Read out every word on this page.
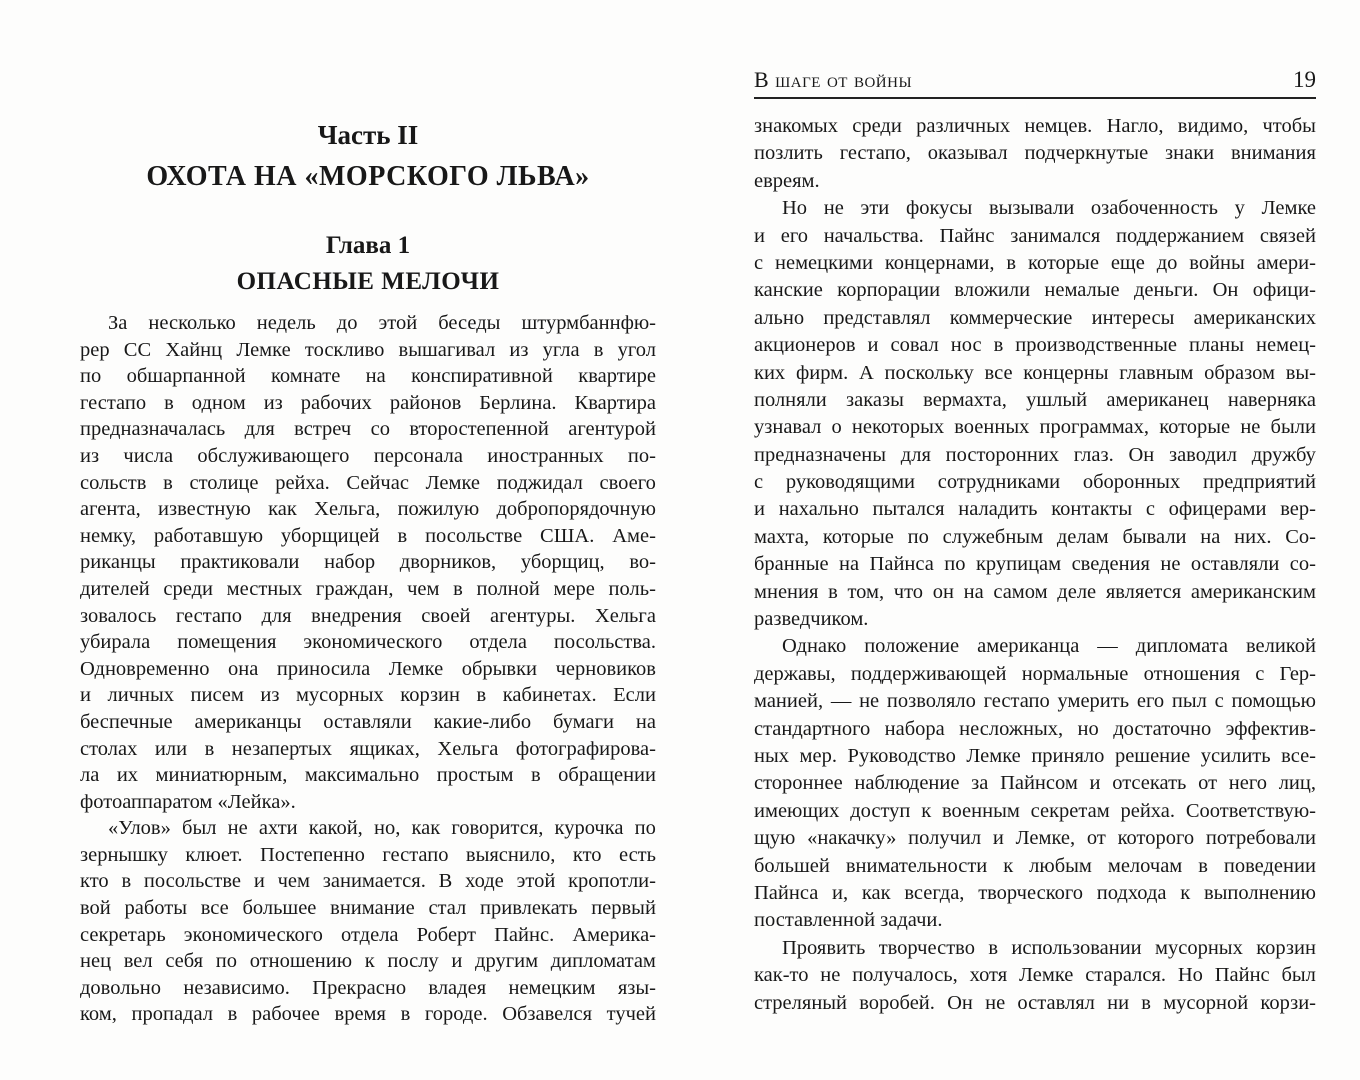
Часть II
ОХОТА НА «МОРСКОГО ЛЬВА»
Глава 1
ОПАСНЫЕ МЕЛОЧИ
За несколько недель до этой беседы штурмбаннфю-
рер СС Хайнц Лемке тоскливо вышагивал из угла в угол
по обшарпанной комнате на конспиративной квартире
гестапо в одном из рабочих районов Берлина. Квартира
предназначалась для встреч со второстепенной агентурой
из числа обслуживающего персонала иностранных по-
сольств в столице рейха. Сейчас Лемке поджидал своего
агента, известную как Хельга, пожилую добропорядочную
немку, работавшую уборщицей в посольстве США. Аме-
риканцы практиковали набор дворников, уборщиц, во-
дителей среди местных граждан, чем в полной мере поль-
зовалось гестапо для внедрения своей агентуры. Хельга
убирала помещения экономического отдела посольства.
Одновременно она приносила Лемке обрывки черновиков
и личных писем из мусорных корзин в кабинетах. Если
беспечные американцы оставляли какие-либо бумаги на
столах или в незапертых ящиках, Хельга фотографирова-
ла их миниатюрным, максимально простым в обращении
фотоаппаратом «Лейка».
«Улов» был не ахти какой, но, как говорится, курочка по
зернышку клюет. Постепенно гестапо выяснило, кто есть
кто в посольстве и чем занимается. В ходе этой кропотли-
вой работы все большее внимание стал привлекать первый
секретарь экономического отдела Роберт Пайнс. Америка-
нец вел себя по отношению к послу и другим дипломатам
довольно независимо. Прекрасно владея немецким язы-
ком, пропадал в рабочее время в городе. Обзавелся тучей
В шаге от войны	19
знакомых среди различных немцев. Нагло, видимо, чтобы
позлить гестапо, оказывал подчеркнутые знаки внимания
евреям.
Но не эти фокусы вызывали озабоченность у Лемке
и его начальства. Пайнс занимался поддержанием связей
с немецкими концернами, в которые еще до войны амери-
канские корпорации вложили немалые деньги. Он офици-
ально представлял коммерческие интересы американских
акционеров и совал нос в производственные планы немец-
ких фирм. А поскольку все концерны главным образом вы-
полняли заказы вермахта, ушлый американец наверняка
узнавал о некоторых военных программах, которые не были
предназначены для посторонних глаз. Он заводил дружбу
с руководящими сотрудниками оборонных предприятий
и нахально пытался наладить контакты с офицерами вер-
махта, которые по служебным делам бывали на них. Со-
бранные на Пайнса по крупицам сведения не оставляли со-
мнения в том, что он на самом деле является американским
разведчиком.
Однако положение американца — дипломата великой
державы, поддерживающей нормальные отношения с Гер-
манией, — не позволяло гестапо умерить его пыл с помощью
стандартного набора несложных, но достаточно эффектив-
ных мер. Руководство Лемке приняло решение усилить все-
стороннее наблюдение за Пайнсом и отсекать от него лиц,
имеющих доступ к военным секретам рейха. Соответствую-
щую «накачку» получил и Лемке, от которого потребовали
большей внимательности к любым мелочам в поведении
Пайнса и, как всегда, творческого подхода к выполнению
поставленной задачи.
Проявить творчество в использовании мусорных корзин
как-то не получалось, хотя Лемке старался. Но Пайнс был
стреляный воробей. Он не оставлял ни в мусорной корзи-
